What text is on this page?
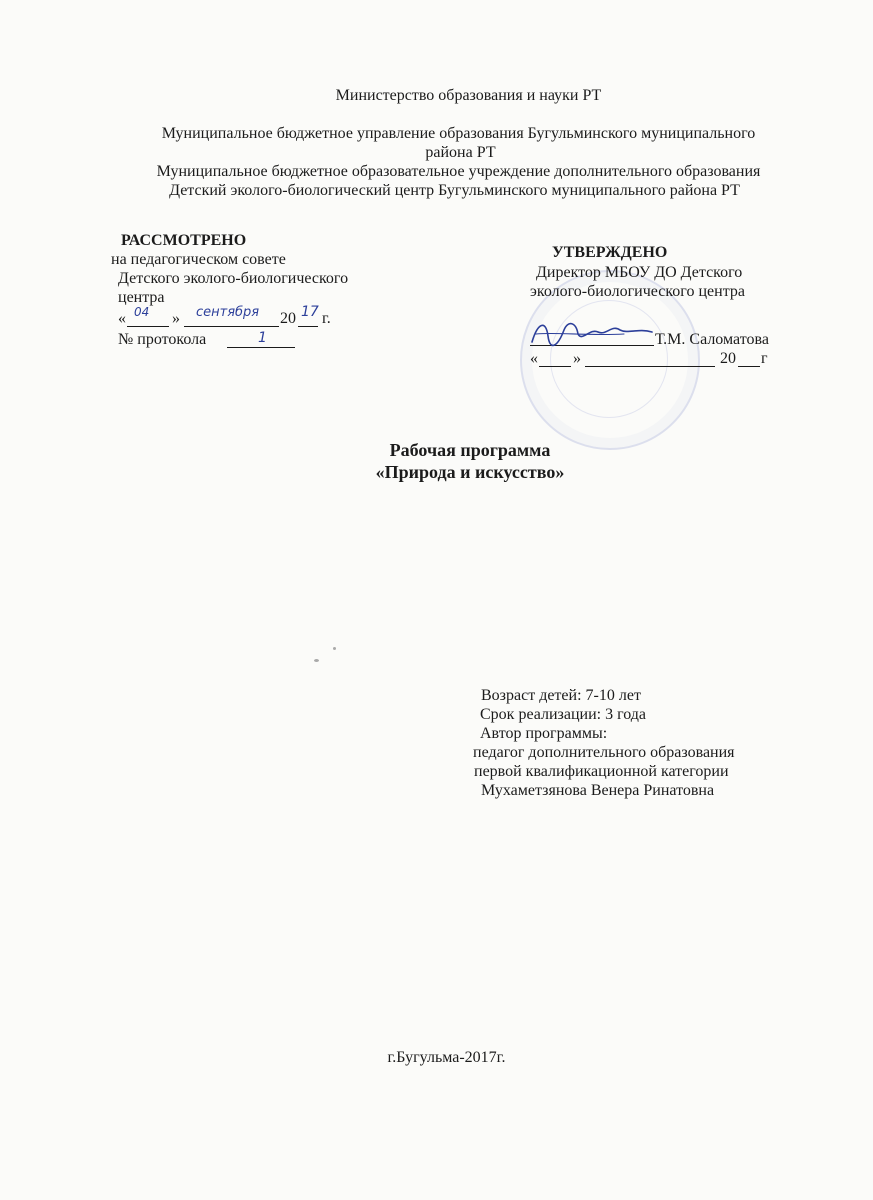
Министерство образования и науки РТ
Муниципальное бюджетное управление образования Бугульминского муниципального
района РТ
Муниципальное бюджетное образовательное учреждение дополнительного образования
Детский эколого-биологический центр Бугульминского муниципального района РТ
РАССМОТРЕНО
на педагогическом совете
Детского эколого-биологического
центра
« 04 » сентября 20 17 г.
№ протокола	1
УТВЕРЖДЕНО
Директор МБОУ ДО Детского
эколого-биологического центра
Т.М. Саломатова
« »	20 г
Рабочая программа
«Природа и искусство»
Возраст детей: 7-10 лет
Срок реализации: 3 года
Автор программы:
педагог дополнительного образования
первой квалификационной категории
Мухаметзянова Венера Ринатовна
г.Бугульма-2017г.
